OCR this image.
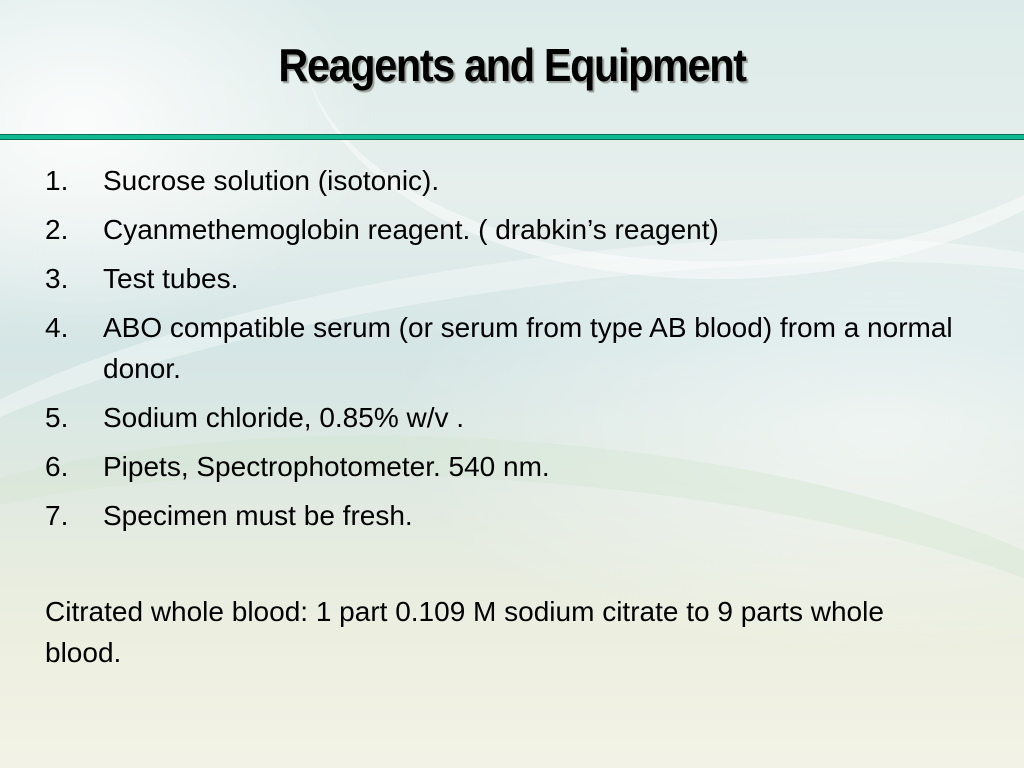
Reagents and Equipment
1.	Sucrose solution (isotonic).
2.	Cyanmethemoglobin reagent. ( drabkin’s reagent)
3.	Test tubes.
4.	ABO compatible serum (or serum from type AB blood) from a normal donor.
5.	Sodium chloride, 0.85% w/v .
6.	Pipets, Spectrophotometer. 540 nm.
7.	Specimen must be fresh.

Citrated whole blood: 1 part 0.109 M sodium citrate to 9 parts whole blood.
